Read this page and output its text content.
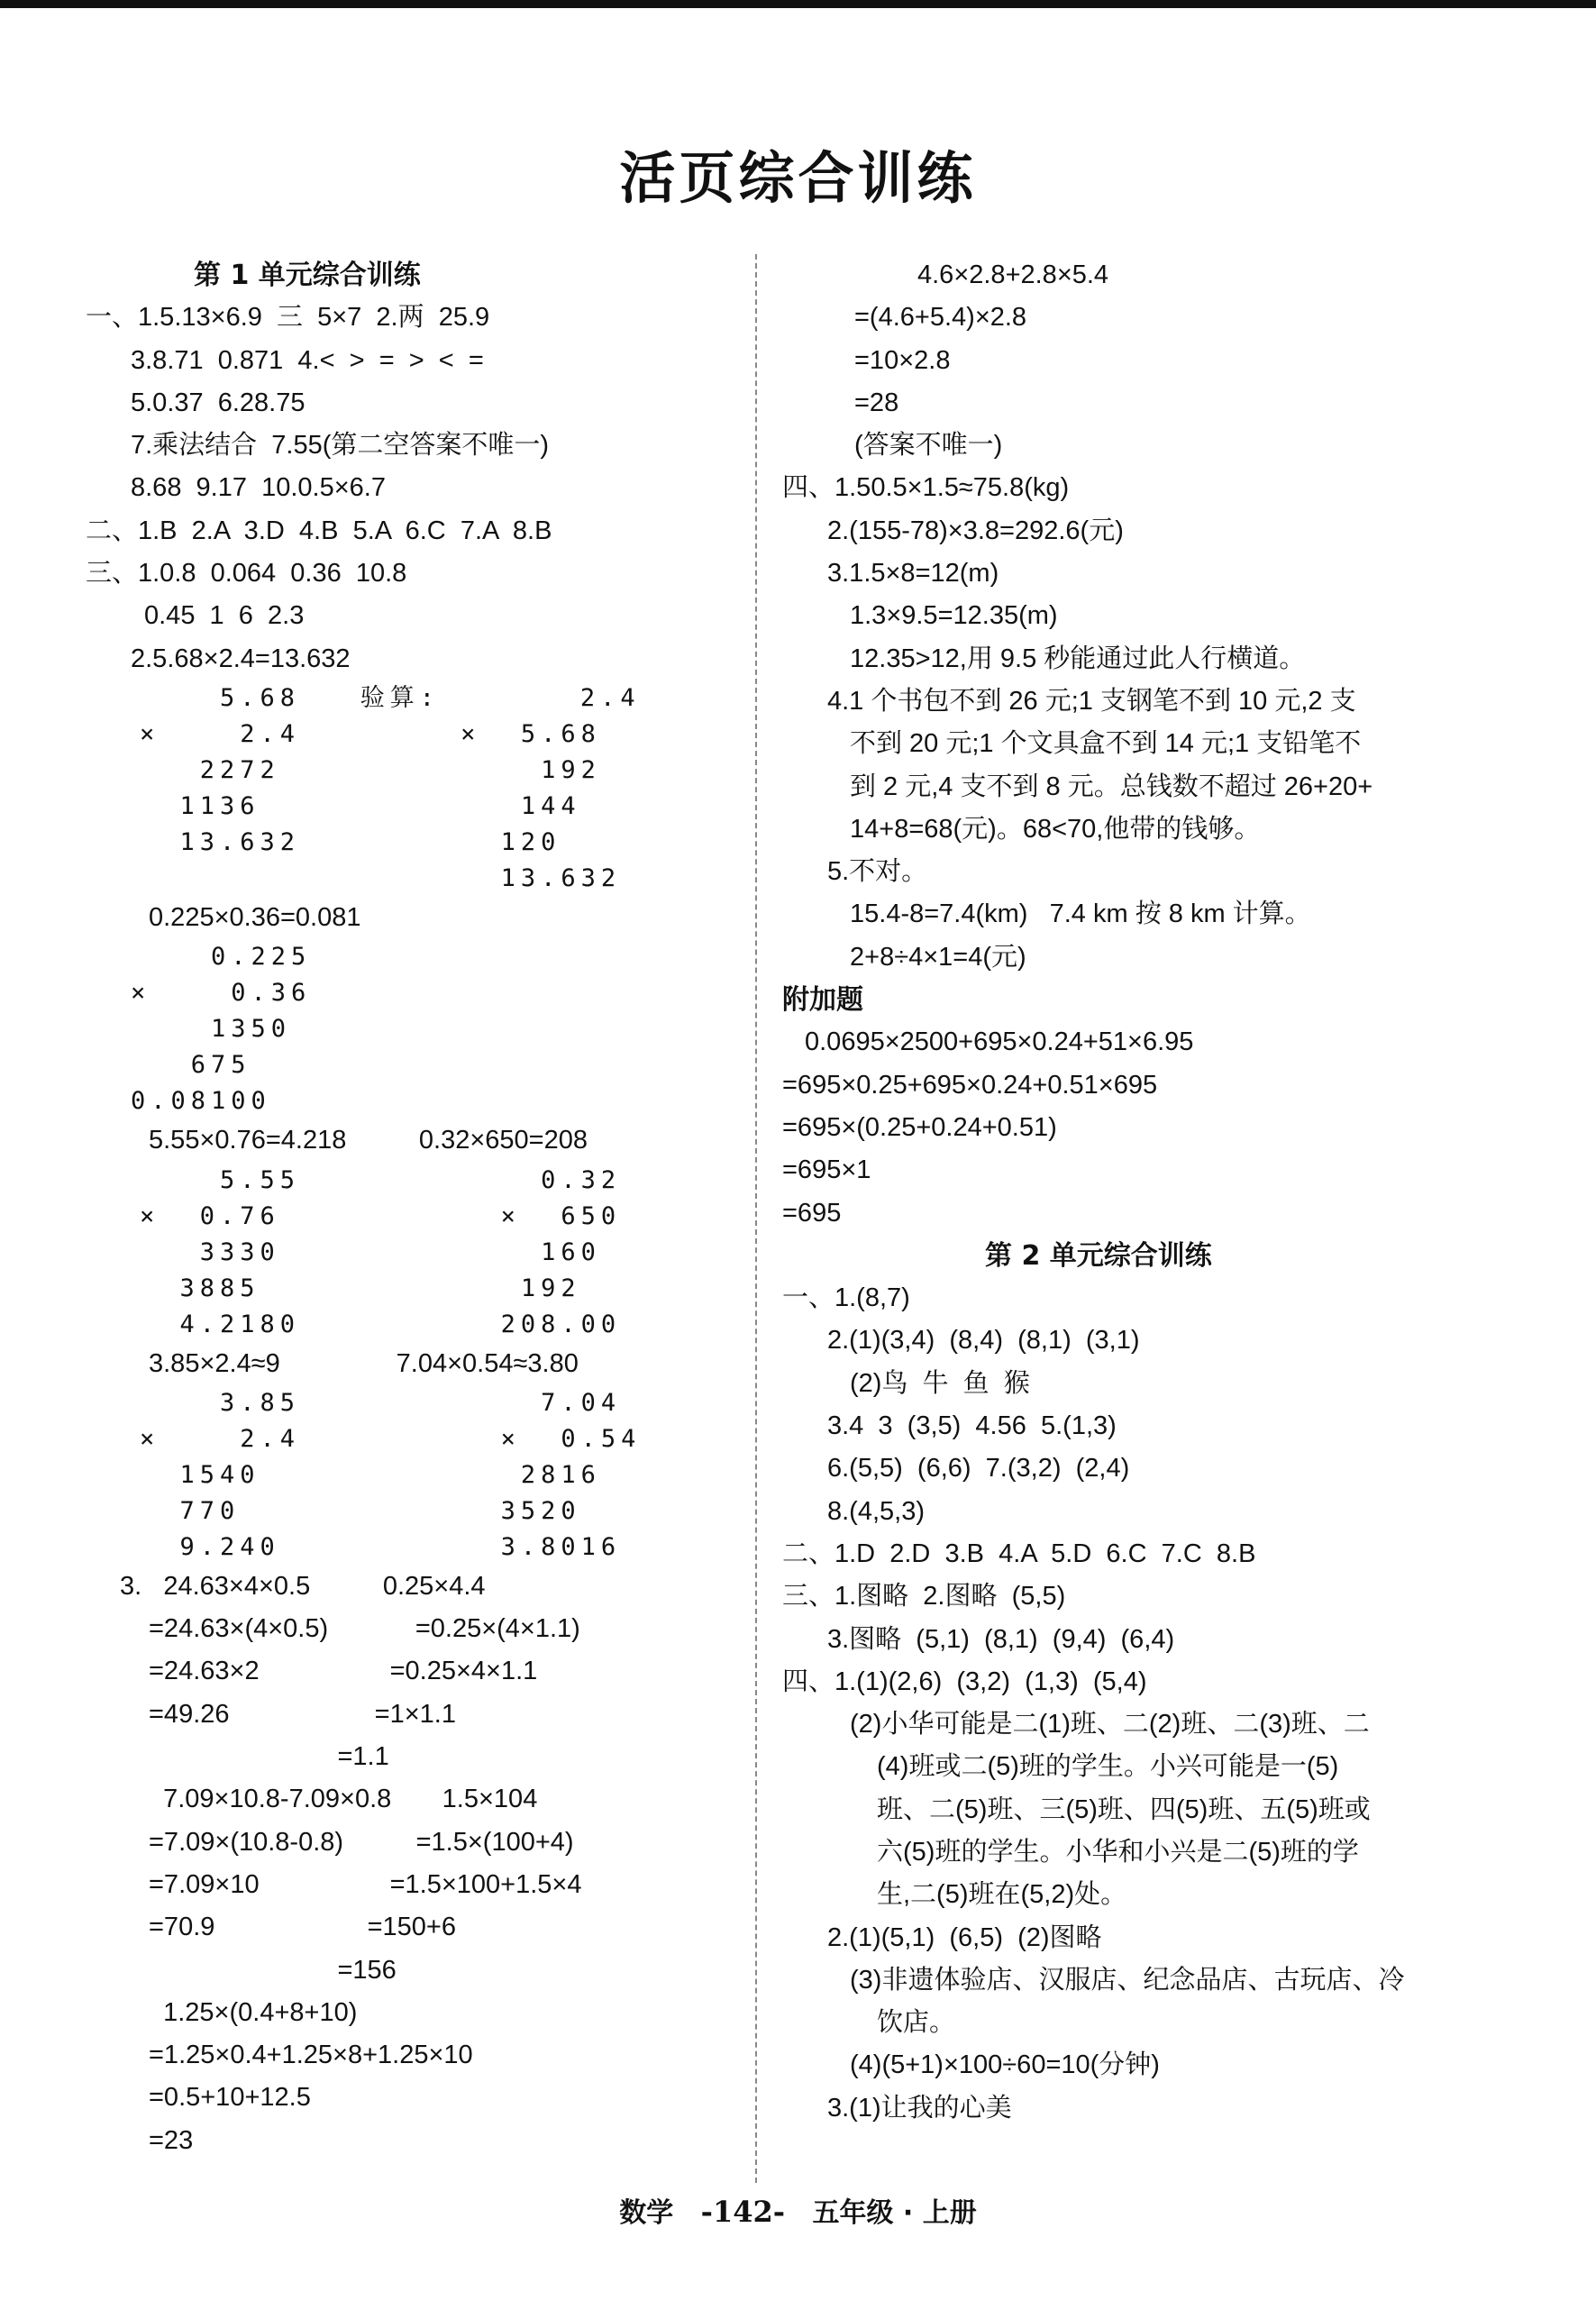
活页综合训练
第 1 单元综合训练
一、1.5.13×6.9  三  5×7  2.两  25.9
3.8.71  0.871  4.<  >  =  >  <  =
5.0.37  6.28.75
7.乘法结合  7.55(第二空答案不唯一)
8.68  9.17  10.0.5×6.7
二、1.B  2.A  3.D  4.B  5.A  6.C  7.A  8.B
三、1.0.8  0.064  0.36  10.8
0.45  1  6  2.3
2.5.68×2.4=13.632
5.68   验算:       2.4
×    2.4        ×  5.68
2272             192
1136             144
13.632          120
13.632
0.225×0.36=0.081
0.225
×    0.36
1350
675
0.08100
5.55×0.76=4.218          0.32×650=208
5.55            0.32
×  0.76           ×  650
3330             160
3885             192
4.2180          208.00
3.85×2.4≈9                7.04×0.54≈3.80
3.85            7.04
×    2.4          ×  0.54
1540             2816
770             3520
9.240           3.8016
3.   24.63×4×0.5          0.25×4.4
=24.63×(4×0.5)            =0.25×(4×1.1)
=24.63×2                  =0.25×4×1.1
=49.26                    =1×1.1
=1.1
7.09×10.8-7.09×0.8       1.5×104
=7.09×(10.8-0.8)          =1.5×(100+4)
=7.09×10                  =1.5×100+1.5×4
=70.9                     =150+6
=156
1.25×(0.4+8+10)
=1.25×0.4+1.25×8+1.25×10
=0.5+10+12.5
=23
4.6×2.8+2.8×5.4
=(4.6+5.4)×2.8
=10×2.8
=28
(答案不唯一)
四、1.50.5×1.5≈75.8(kg)
2.(155-78)×3.8=292.6(元)
3.1.5×8=12(m)
1.3×9.5=12.35(m)
12.35>12,用 9.5 秒能通过此人行横道。
4.1 个书包不到 26 元;1 支钢笔不到 10 元,2 支
不到 20 元;1 个文具盒不到 14 元;1 支铅笔不
到 2 元,4 支不到 8 元。总钱数不超过 26+20+
14+8=68(元)。68<70,他带的钱够。
5.不对。
15.4-8=7.4(km)   7.4 km 按 8 km 计算。
2+8÷4×1=4(元)
附加题
0.0695×2500+695×0.24+51×6.95
=695×0.25+695×0.24+0.51×695
=695×(0.25+0.24+0.51)
=695×1
=695
第 2 单元综合训练
一、1.(8,7)
2.(1)(3,4)  (8,4)  (8,1)  (3,1)
(2)鸟  牛  鱼  猴
3.4  3  (3,5)  4.56  5.(1,3)
6.(5,5)  (6,6)  7.(3,2)  (2,4)
8.(4,5,3)
二、1.D  2.D  3.B  4.A  5.D  6.C  7.C  8.B
三、1.图略  2.图略  (5,5)
3.图略  (5,1)  (8,1)  (9,4)  (6,4)
四、1.(1)(2,6)  (3,2)  (1,3)  (5,4)
(2)小华可能是二(1)班、二(2)班、二(3)班、二
(4)班或二(5)班的学生。小兴可能是一(5)
班、二(5)班、三(5)班、四(5)班、五(5)班或
六(5)班的学生。小华和小兴是二(5)班的学
生,二(5)班在(5,2)处。
2.(1)(5,1)  (6,5)  (2)图略
(3)非遗体验店、汉服店、纪念品店、古玩店、冷
饮店。
(4)(5+1)×100÷60=10(分钟)
3.(1)让我的心美
数学 -142- 五年级 · 上册
